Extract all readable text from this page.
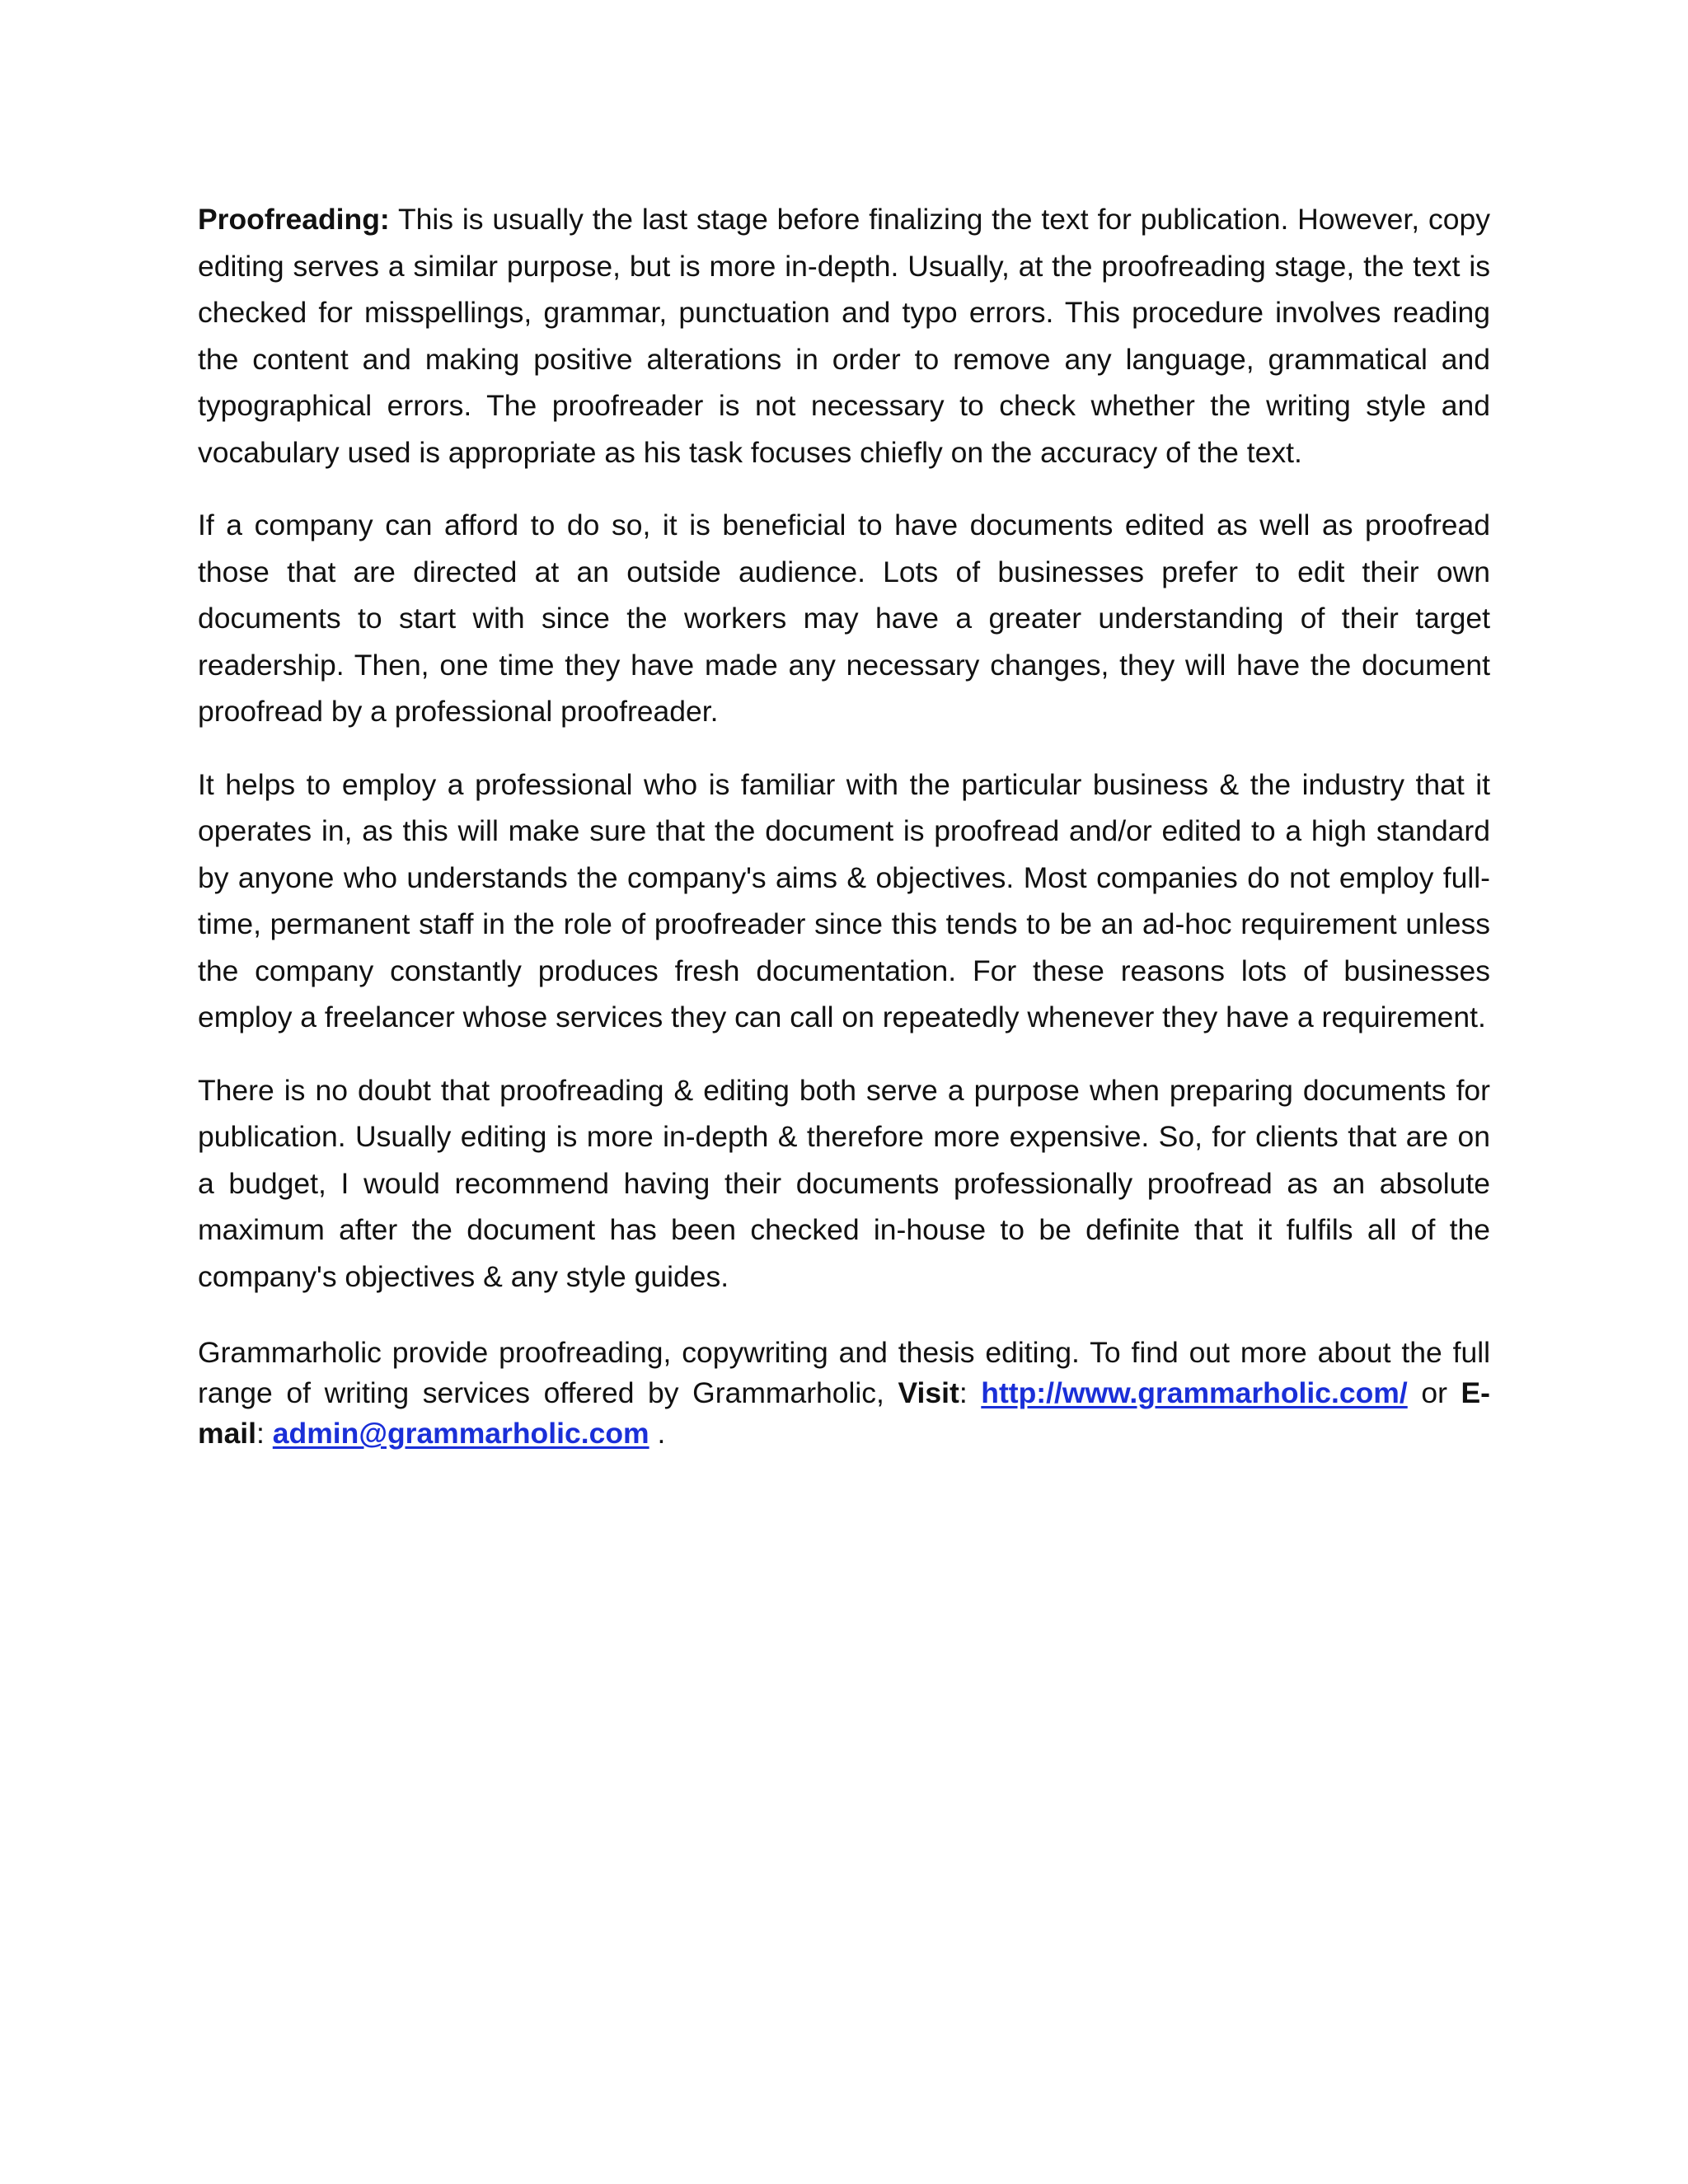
Proofreading: This is usually the last stage before finalizing the text for publication. However, copy editing serves a similar purpose, but is more in-depth. Usually, at the proofreading stage, the text is checked for misspellings, grammar, punctuation and typo errors. This procedure involves reading the content and making positive alterations in order to remove any language, grammatical and typographical errors. The proofreader is not necessary to check whether the writing style and vocabulary used is appropriate as his task focuses chiefly on the accuracy of the text.

If a company can afford to do so, it is beneficial to have documents edited as well as proofread those that are directed at an outside audience. Lots of businesses prefer to edit their own documents to start with since the workers may have a greater understanding of their target readership. Then, one time they have made any necessary changes, they will have the document proofread by a professional proofreader.

It helps to employ a professional who is familiar with the particular business & the industry that it operates in, as this will make sure that the document is proofread and/or edited to a high standard by anyone who understands the company's aims & objectives. Most companies do not employ full-time, permanent staff in the role of proofreader since this tends to be an ad-hoc requirement unless the company constantly produces fresh documentation. For these reasons lots of businesses employ a freelancer whose services they can call on repeatedly whenever they have a requirement.

There is no doubt that proofreading & editing both serve a purpose when preparing documents for publication. Usually editing is more in-depth & therefore more expensive. So, for clients that are on a budget, I would recommend having their documents professionally proofread as an absolute maximum after the document has been checked in-house to be definite that it fulfils all of the company's objectives & any style guides.

Grammarholic provide proofreading, copywriting and thesis editing. To find out more about the full range of writing services offered by Grammarholic, Visit: http://www.grammarholic.com/ or E-mail: admin@grammarholic.com .
